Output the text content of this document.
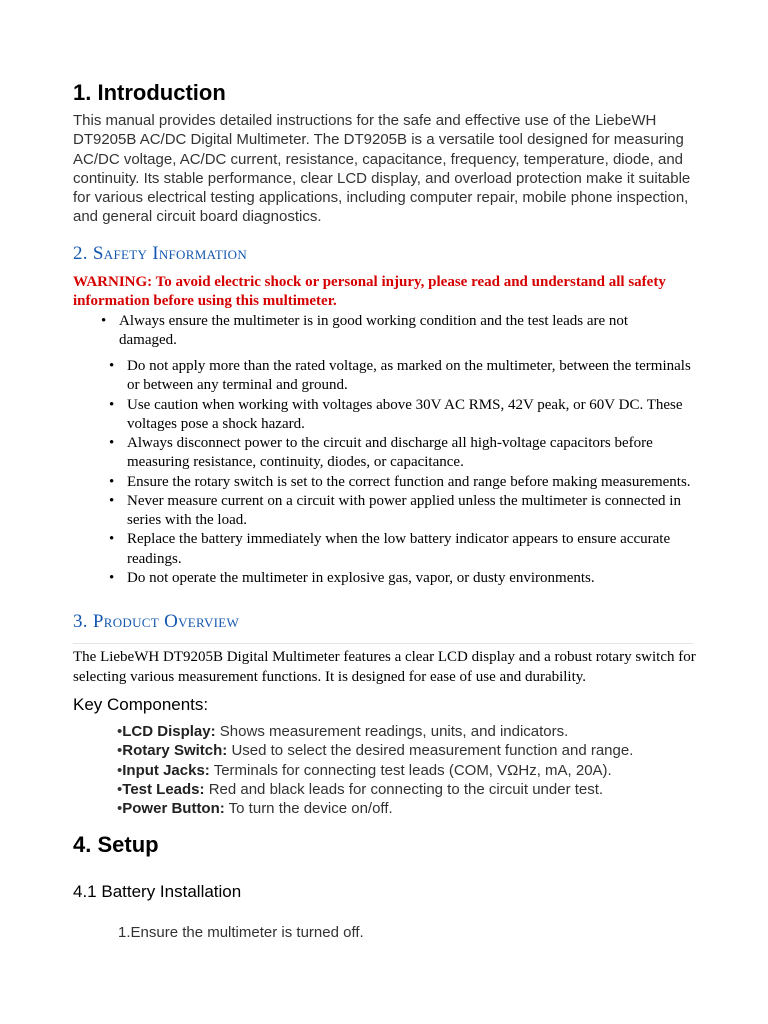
1. Introduction

This manual provides detailed instructions for the safe and effective use of the LiebeWH DT9205B AC/DC Digital Multimeter. The DT9205B is a versatile tool designed for measuring AC/DC voltage, AC/DC current, resistance, capacitance, frequency, temperature, diode, and continuity. Its stable performance, clear LCD display, and overload protection make it suitable for various electrical testing applications, including computer repair, mobile phone inspection, and general circuit board diagnostics.

2. Safety Information

WARNING: To avoid electric shock or personal injury, please read and understand all safety information before using this multimeter.

• Always ensure the multimeter is in good working condition and the test leads are not damaged.
• Do not apply more than the rated voltage, as marked on the multimeter, between the terminals or between any terminal and ground.
• Use caution when working with voltages above 30V AC RMS, 42V peak, or 60V DC. These voltages pose a shock hazard.
• Always disconnect power to the circuit and discharge all high-voltage capacitors before measuring resistance, continuity, diodes, or capacitance.
• Ensure the rotary switch is set to the correct function and range before making measurements.
• Never measure current on a circuit with power applied unless the multimeter is connected in series with the load.
• Replace the battery immediately when the low battery indicator appears to ensure accurate readings.
• Do not operate the multimeter in explosive gas, vapor, or dusty environments.
3. Product Overview

The LiebeWH DT9205B Digital Multimeter features a clear LCD display and a robust rotary switch for selecting various measurement functions. It is designed for ease of use and durability.

Key Components:
•LCD Display: Shows measurement readings, units, and indicators.
•Rotary Switch: Used to select the desired measurement function and range.
•Input Jacks: Terminals for connecting test leads (COM, VΩHz, mA, 20A).
•Test Leads: Red and black leads for connecting to the circuit under test.
•Power Button: To turn the device on/off.
4. Setup
4.1 Battery Installation

1.Ensure the multimeter is turned off.
